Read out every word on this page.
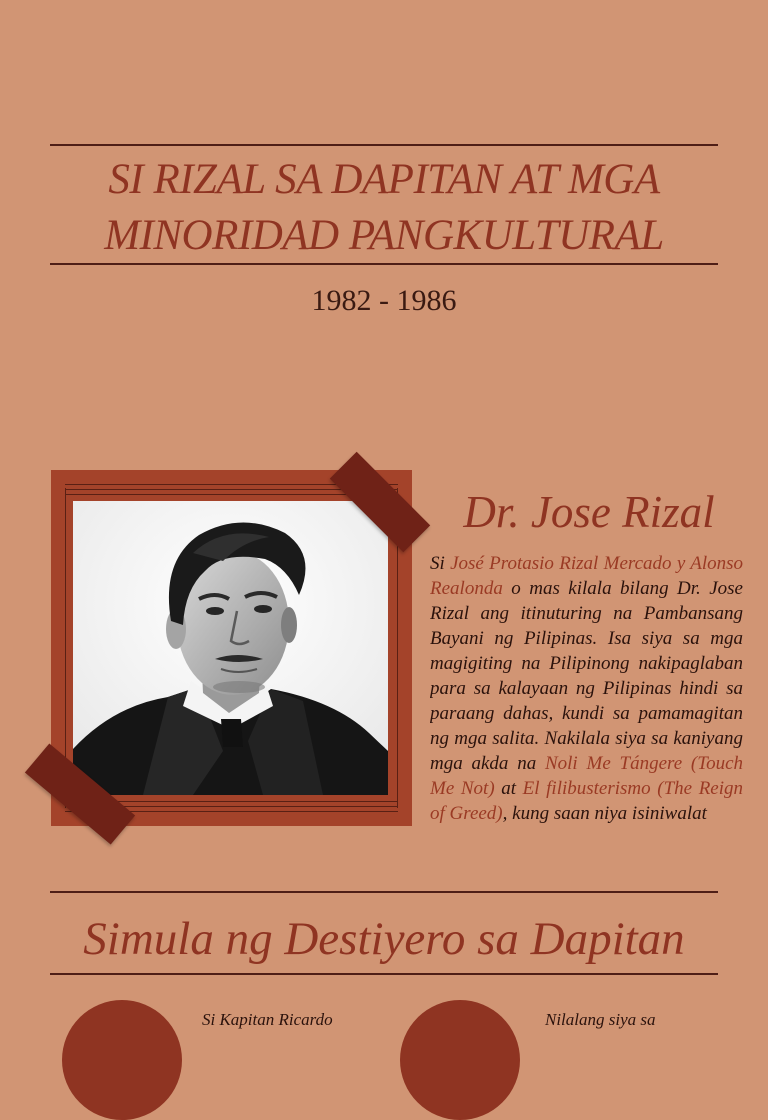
SI RIZAL SA DAPITAN AT MGA
MINORIDAD PANGKULTURAL
1982 - 1986
Dr. Jose Rizal
Si José Protasio Rizal Mercado y Alonso Realonda o mas kilala bilang Dr. Jose Rizal ang itinuturing na Pambansang Bayani ng Pilipinas. Isa siya sa mga magigiting na Pilipinong nakipaglaban para sa kalayaan ng Pilipinas hindi sa paraang dahas, kundi sa pamamagitan ng mga salita. Nakilala siya sa kaniyang mga akda na Noli Me Tángere (Touch Me Not) at El filibusterismo (The Reign of Greed), kung saan niya isiniwalat
Simula ng Destiyero sa Dapitan
Si Kapitan Ricardo	Nilalang siya sa
